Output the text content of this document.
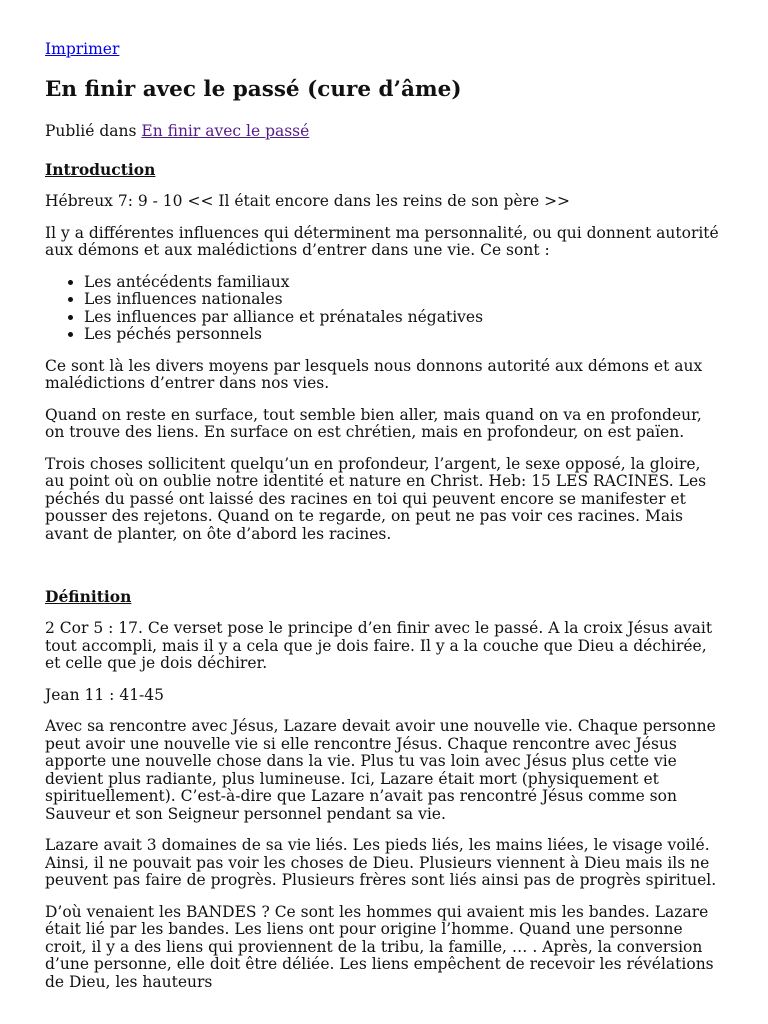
Imprimer
En finir avec le passé (cure d’âme)
Publié dans En finir avec le passé
Introduction

Hébreux 7: 9 - 10 << Il était encore dans les reins de son père >>

Il y a différentes influences qui déterminent ma personnalité, ou qui donnent autorité aux démons et aux malédictions d’entrer dans une vie. Ce sont :

• Les antécédents familiaux
• Les influences nationales
• Les influences par alliance et prénatales négatives
• Les péchés personnels

Ce sont là les divers moyens par lesquels nous donnons autorité aux démons et aux malédictions d’entrer dans nos vies.

Quand on reste en surface, tout semble bien aller, mais quand on va en profondeur, on trouve des liens. En surface on est chrétien, mais en profondeur, on est païen.

Trois choses sollicitent quelqu’un en profondeur, l’argent, le sexe opposé, la gloire, au point où on oublie notre identité et nature en Christ. Heb: 15 LES RACINES. Les péchés du passé ont laissé des racines en toi qui peuvent encore se manifester et pousser des rejetons. Quand on te regarde, on peut ne pas voir ces racines. Mais avant de planter, on ôte d’abord les racines.

Définition

2 Cor 5 : 17. Ce verset pose le principe d’en finir avec le passé. A la croix Jésus avait tout accompli, mais il y a cela que je dois faire. Il y a la couche que Dieu a déchirée, et celle que je dois déchirer.

Jean 11 : 41-45

Avec sa rencontre avec Jésus, Lazare devait avoir une nouvelle vie. Chaque personne peut avoir une nouvelle vie si elle rencontre Jésus. Chaque rencontre avec Jésus apporte une nouvelle chose dans la vie. Plus tu vas loin avec Jésus plus cette vie devient plus radiante, plus lumineuse. Ici, Lazare était mort (physiquement et spirituellement). C’est-à-dire que Lazare n’avait pas rencontré Jésus comme son Sauveur et son Seigneur personnel pendant sa vie.

Lazare avait 3 domaines de sa vie liés. Les pieds liés, les mains liées, le visage voilé. Ainsi, il ne pouvait pas voir les choses de Dieu. Plusieurs viennent à Dieu mais ils ne peuvent pas faire de progrès. Plusieurs frères sont liés ainsi pas de progrès spirituel.

D’où venaient les BANDES ? Ce sont les hommes qui avaient mis les bandes. Lazare était lié par les bandes. Les liens ont pour origine l’homme. Quand une personne croit, il y a des liens qui proviennent de la tribu, la famille, … . Après, la conversion d’une personne, elle doit être déliée. Les liens empêchent de recevoir les révélations de Dieu, les hauteurs
